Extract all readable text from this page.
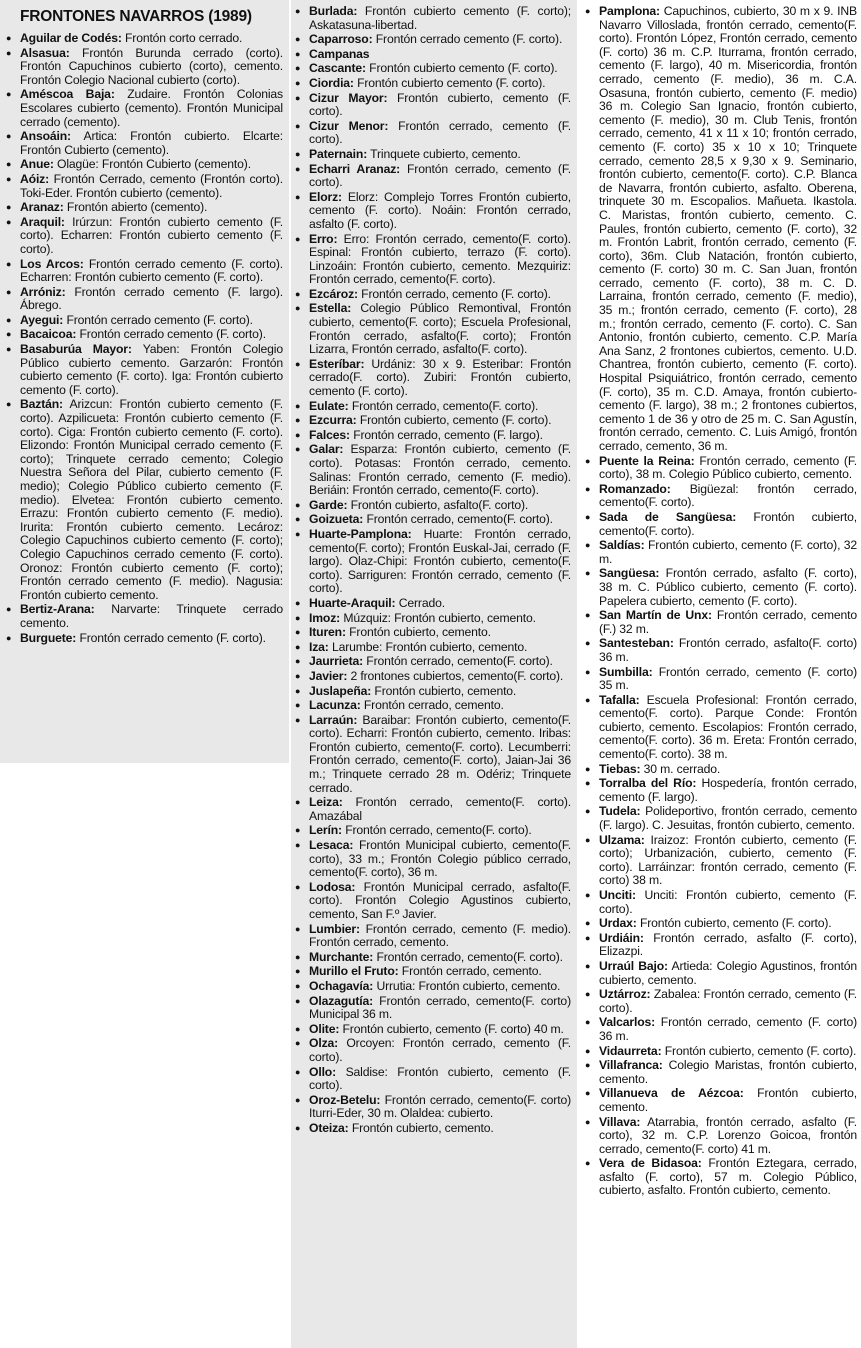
FRONTONES NAVARROS (1989)
● Aguilar de Codés: Frontón corto cerrado.
● Alsasua: Frontón Burunda cerrado (corto). Frontón Capuchinos cubierto (corto), cemento. Frontón Colegio Nacional cubierto (corto).
● Améscoa Baja: Zudaire. Frontón Colonias Escolares cubierto (cemento). Frontón Municipal cerrado (cemento).
● Ansoáin: Artica: Frontón cubierto. Elcarte: Frontón Cubierto (cemento).
● Anue: Olagüe: Frontón Cubierto (cemento).
● Aóiz: Frontón Cerrado, cemento (Frontón corto). Toki-Eder. Frontón cubierto (cemento).
● Aranaz: Frontón abierto (cemento).
● Araquil: Irúrzun: Frontón cubierto cemento (F. corto). Echarren: Frontón cubierto cemento (F. corto).
● Los Arcos: Frontón cerrado cemento (F. corto). Echarren: Frontón cubierto cemento (F. corto).
● Arróniz: Frontón cerrado cemento (F. largo). Ábrego.
● Ayegui: Frontón cerrado cemento (F. corto).
● Bacaicoa: Frontón cerrado cemento (F. corto).
● Basaburúa Mayor: Yaben: Frontón Colegio Público cubierto cemento. Garzarón: Frontón cubierto cemento (F. corto). Iga: Frontón cubierto cemento (F. corto).
● Baztán: Arizcun: Frontón cubierto cemento (F. corto). Azpilicueta: Frontón cubierto cemento (F. corto). Ciga: Frontón cubierto cemento (F. corto). Elizondo: Frontón Municipal cerrado cemento (F. corto); Trinquete cerrado cemento; Colegio Nuestra Señora del Pilar, cubierto cemento (F. medio); Colegio Público cubierto cemento (F. medio). Elvetea: Frontón cubierto cemento. Errazu: Frontón cubierto cemento (F. medio). Irurita: Frontón cubierto cemento. Lecároz: Colegio Capuchinos cubierto cemento (F. corto); Colegio Capuchinos cerrado cemento (F. corto). Oronoz: Frontón cubierto cemento (F. corto); Frontón cerrado cemento (F. medio). Nagusia: Frontón cubierto cemento.
● Bertiz-Arana: Narvarte: Trinquete cerrado cemento.
● Burguete: Frontón cerrado cemento (F. corto).
● Burlada: Frontón cubierto cemento (F. corto); Askatasuna-libertad.
● Caparroso: Frontón cerrado cemento (F. corto).
● Campanas
● Cascante: Frontón cubierto cemento (F. corto).
● Ciordia: Frontón cubierto cemento (F. corto).
● Cizur Mayor: Frontón cubierto, cemento (F. corto).
● Cizur Menor: Frontón cerrado, cemento (F. corto).
● Paternain: Trinquete cubierto, cemento.
● Echarri Aranaz: Frontón cerrado, cemento (F. corto).
● Elorz: Elorz: Complejo Torres Frontón cubierto, cemento (F. corto). Noáin: Frontón cerrado, asfalto (F. corto).
● Erro: Erro: Frontón cerrado, cemento(F. corto). Espinal: Frontón cubierto, terrazo (F. corto). Linzoáin: Frontón cubierto, cemento. Mezquiriz: Frontón cerrado, cemento(F. corto).
● Ezcároz: Frontón cerrado, cemento (F. corto).
● Estella: Colegio Público Remontival, Frontón cubierto, cemento(F. corto); Escuela Profesional, Frontón cerrado, asfalto(F. corto); Frontón Lizarra, Frontón cerrado, asfalto(F. corto).
● Esteríbar: Urdániz: 30 x 9. Esteribar: Frontón cerrado(F. corto). Zubiri: Frontón cubierto, cemento (F. corto).
● Eulate: Frontón cerrado, cemento(F. corto).
● Ezcurra: Frontón cubierto, cemento (F. corto).
● Falces: Frontón cerrado, cemento (F. largo).
● Galar: Esparza: Frontón cubierto, cemento (F. corto). Potasas: Frontón cerrado, cemento. Salinas: Frontón cerrado, cemento (F. medio). Beriáin: Frontón cerrado, cemento(F. corto).
● Garde: Frontón cubierto, asfalto(F. corto).
● Goizueta: Frontón cerrado, cemento(F. corto).
● Huarte-Pamplona: Huarte: Frontón cerrado, cemento(F. corto); Frontón Euskal-Jai, cerrado (F. largo). Olaz-Chipi: Frontón cubierto, cemento(F. corto). Sarriguren: Frontón cerrado, cemento (F. corto).
● Huarte-Araquil: Cerrado.
● Imoz: Múzquiz: Frontón cubierto, cemento.
● Ituren: Frontón cubierto, cemento.
● Iza: Larumbe: Frontón cubierto, cemento.
● Jaurrieta: Frontón cerrado, cemento(F. corto).
● Javier: 2 frontones cubiertos, cemento(F. corto).
● Juslapeña: Frontón cubierto, cemento.
● Lacunza: Frontón cerrado, cemento.
● Larraún: Baraibar: Frontón cubierto, cemento(F. corto). Echarri: Frontón cubierto, cemento. Iribas: Frontón cubierto, cemento(F. corto). Lecumberri: Frontón cerrado, cemento(F. corto), Jaian-Jai 36 m.; Trinquete cerrado 28 m. Odériz; Trinquete cerrado.
● Leiza: Frontón cerrado, cemento(F. corto). Amazábal
● Lerín: Frontón cerrado, cemento(F. corto).
● Lesaca: Frontón Municipal cubierto, cemento(F. corto), 33 m.; Frontón Colegio público cerrado, cemento(F. corto), 36 m.
● Lodosa: Frontón Municipal cerrado, asfalto(F. corto). Frontón Colegio Agustinos cubierto, cemento, San F.º Javier.
● Lumbier: Frontón cerrado, cemento (F. medio). Frontón cerrado, cemento.
● Murchante: Frontón cerrado, cemento(F. corto).
● Murillo el Fruto: Frontón cerrado, cemento.
● Ochagavía: Urrutia: Frontón cubierto, cemento.
● Olazagutía: Frontón cerrado, cemento(F. corto) Municipal 36 m.
● Olite: Frontón cubierto, cemento (F. corto) 40 m.
● Olza: Orcoyen: Frontón cerrado, cemento (F. corto).
● Ollo: Saldise: Frontón cubierto, cemento (F. corto).
● Oroz-Betelu: Frontón cerrado, cemento(F. corto) Iturri-Eder, 30 m. Olaldea: cubierto.
● Oteiza: Frontón cubierto, cemento.
● Pamplona: Capuchinos, cubierto, 30 m x 9. INB Navarro Villoslada, frontón cerrado, cemento(F. corto). Frontón López, Frontón cerrado, cemento (F. corto) 36 m. C.P. Iturrama, frontón cerrado, cemento (F. largo), 40 m. Misericordia, frontón cerrado, cemento (F. medio), 36 m. C.A. Osasuna, frontón cubierto, cemento (F. medio) 36 m. Colegio San Ignacio, frontón cubierto, cemento (F. medio), 30 m. Club Tenis, frontón cerrado, cemento, 41 x 11 x 10; frontón cerrado, cemento (F. corto) 35 x 10 x 10; Trinquete cerrado, cemento 28,5 x 9,30 x 9. Seminario, frontón cubierto, cemento(F. corto). C.P. Blanca de Navarra, frontón cubierto, asfalto. Oberena, trinquete 30 m. Escopalios. Mañueta. Ikastola. C. Maristas, frontón cubierto, cemento. C. Paules, frontón cubierto, cemento (F. corto), 32 m. Frontón Labrit, frontón cerrado, cemento (F. corto), 36m. Club Natación, frontón cubierto, cemento (F. corto) 30 m. C. San Juan, frontón cerrado, cemento (F. corto), 38 m. C. D. Larraina, frontón cerrado, cemento (F. medio), 35 m.; frontón cerrado, cemento (F. corto), 28 m.; frontón cerrado, cemento (F. corto). C. San Antonio, frontón cubierto, cemento. C.P. María Ana Sanz, 2 frontones cubiertos, cemento. U.D. Chantrea, frontón cubierto, cemento (F. corto). Hospital Psiquiátrico, frontón cerrado, cemento (F. corto), 35 m. C.D. Amaya, frontón cubierto-cemento (F. largo), 38 m.; 2 frontones cubiertos, cemento 1 de 36 y otro de 25 m. C. San Agustín, frontón cerrado, cemento. C. Luis Amigó, frontón cerrado, cemento, 36 m.
● Puente la Reina: Frontón cerrado, cemento (F. corto), 38 m. Colegio Público cubierto, cemento.
● Romanzado: Bigüezal: frontón cerrado, cemento(F. corto).
● Sada de Sangüesa: Frontón cubierto, cemento(F. corto).
● Saldías: Frontón cubierto, cemento (F. corto), 32 m.
● Sangüesa: Frontón cerrado, asfalto (F. corto), 38 m. C. Público cubierto, cemento (F. corto). Papelera cubierto, cemento (F. corto).
● San Martín de Unx: Frontón cerrado, cemento (F.) 32 m.
● Santesteban: Frontón cerrado, asfalto(F. corto) 36 m.
● Sumbilla: Frontón cerrado, cemento (F. corto) 35 m.
● Tafalla: Escuela Profesional: Frontón cerrado, cemento(F. corto). Parque Conde: Frontón cubierto, cemento. Escolapios: Frontón cerrado, cemento(F. corto). 36 m. Ereta: Frontón cerrado, cemento(F. corto). 38 m.
● Tiebas: 30 m. cerrado.
● Torralba del Río: Hospedería, frontón cerrado, cemento (F. largo).
● Tudela: Polideportivo, frontón cerrado, cemento (F. largo). C. Jesuitas, frontón cubierto, cemento.
● Ulzama: Iraizoz: Frontón cubierto, cemento (F. corto); Urbanización, cubierto, cemento (F. corto). Larráinzar: frontón cerrado, cemento (F. corto) 38 m.
● Unciti: Unciti: Frontón cubierto, cemento (F. corto).
● Urdax: Frontón cubierto, cemento (F. corto).
● Urdiáin: Frontón cerrado, asfalto (F. corto), Elizazpi.
● Urraúl Bajo: Artieda: Colegio Agustinos, frontón cubierto, cemento.
● Uztárroz: Zabalea: Frontón cerrado, cemento (F. corto).
● Valcarlos: Frontón cerrado, cemento (F. corto) 36 m.
● Vidaurreta: Frontón cubierto, cemento (F. corto).
● Villafranca: Colegio Maristas, frontón cubierto, cemento.
● Villanueva de Aézcoa: Frontón cubierto, cemento.
● Villava: Atarrabia, frontón cerrado, asfalto (F. corto), 32 m. C.P. Lorenzo Goicoa, frontón cerrado, cemento(F. corto) 41 m.
● Vera de Bidasoa: Frontón Eztegara, cerrado, asfalto (F. corto), 57 m. Colegio Público, cubierto, asfalto. Frontón cubierto, cemento.
